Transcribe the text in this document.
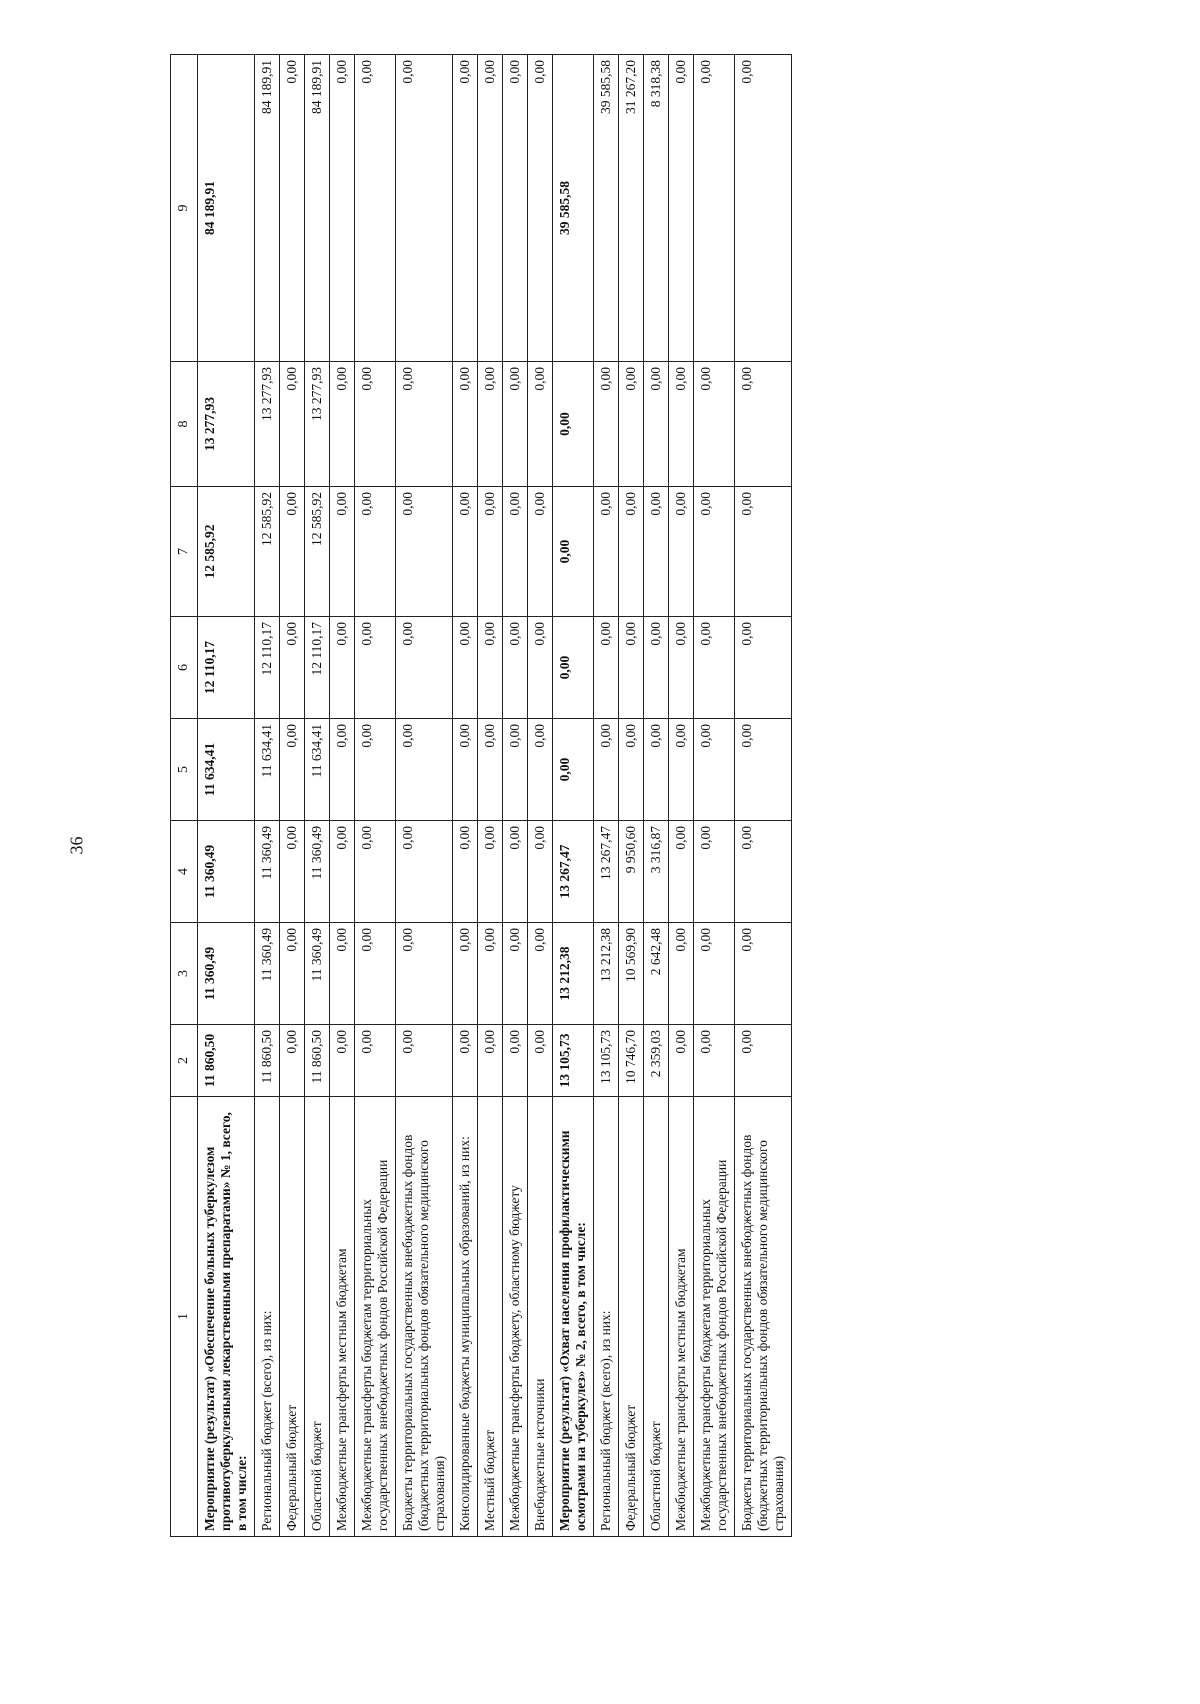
36
1	2	3	4	5	6	7	8	9
Мероприятие (результат) «Обеспечение больных туберкулезом противотуберкулезными лекарственными препаратами» № 1, всего, в том числе:	11 860,50	11 360,49	11 360,49	11 634,41	12 110,17	12 585,92	13 277,93	84 189,91
Региональный бюджет (всего), из них:	11 860,50	11 360,49	11 360,49	11 634,41	12 110,17	12 585,92	13 277,93	84 189,91
Федеральный бюджет	0,00	0,00	0,00	0,00	0,00	0,00	0,00	0,00
Областной бюджет	11 860,50	11 360,49	11 360,49	11 634,41	12 110,17	12 585,92	13 277,93	84 189,91
Межбюджетные трансферты местным бюджетам	0,00	0,00	0,00	0,00	0,00	0,00	0,00	0,00
Межбюджетные трансферты бюджетам территориальных государственных внебюджетных фондов Российской Федерации	0,00	0,00	0,00	0,00	0,00	0,00	0,00	0,00
Бюджеты территориальных государственных внебюджетных фондов (бюджетных территориальных фондов обязательного медицинского страхования)	0,00	0,00	0,00	0,00	0,00	0,00	0,00	0,00
Консолидированные бюджеты муниципальных образований, из них:	0,00	0,00	0,00	0,00	0,00	0,00	0,00	0,00
Местный бюджет	0,00	0,00	0,00	0,00	0,00	0,00	0,00	0,00
Межбюджетные трансферты бюджету, областному бюджету	0,00	0,00	0,00	0,00	0,00	0,00	0,00	0,00
Внебюджетные источники	0,00	0,00	0,00	0,00	0,00	0,00	0,00	0,00
Мероприятие (результат) «Охват населения профилактическими осмотрами на туберкулез» № 2, всего, в том числе:	13 105,73	13 212,38	13 267,47	0,00	0,00	0,00	0,00	39 585,58
Региональный бюджет (всего), из них:	13 105,73	13 212,38	13 267,47	0,00	0,00	0,00	0,00	39 585,58
Федеральный бюджет	10 746,70	10 569,90	9 950,60	0,00	0,00	0,00	0,00	31 267,20
Областной бюджет	2 359,03	2 642,48	3 316,87	0,00	0,00	0,00	0,00	8 318,38
Межбюджетные трансферты местным бюджетам	0,00	0,00	0,00	0,00	0,00	0,00	0,00	0,00
Межбюджетные трансферты бюджетам территориальных государственных внебюджетных фондов Российской Федерации	0,00	0,00	0,00	0,00	0,00	0,00	0,00	0,00
Бюджеты территориальных государственных внебюджетных фондов (бюджетных территориальных фондов обязательного медицинского страхования)	0,00	0,00	0,00	0,00	0,00	0,00	0,00	0,00
